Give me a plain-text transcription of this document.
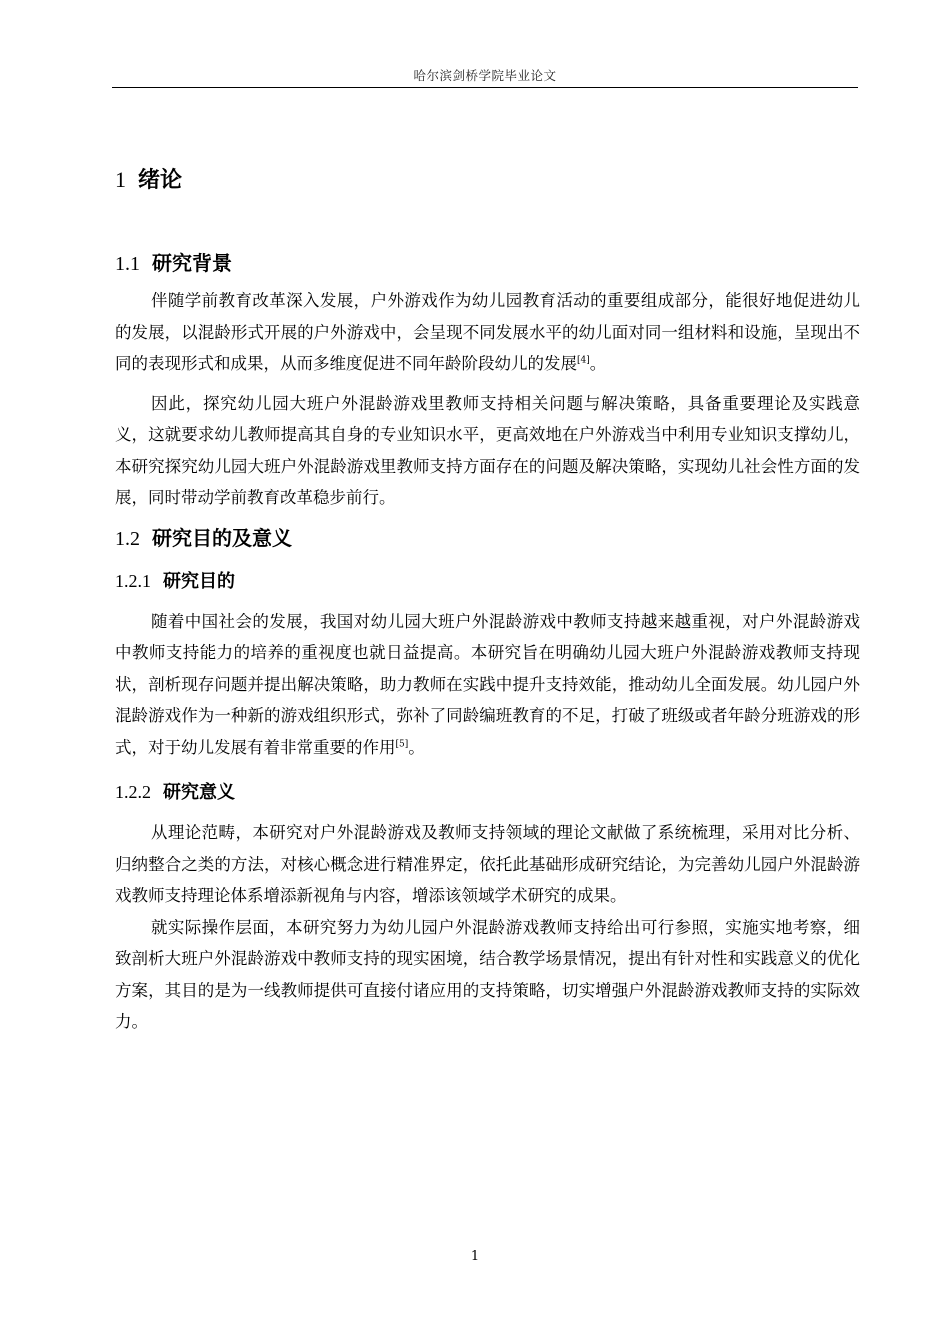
哈尔滨剑桥学院毕业论文
1 绪论
1.1 研究背景

伴随学前教育改革深入发展，户外游戏作为幼儿园教育活动的重要组成部分，能很好地促进幼儿的发展，以混龄形式开展的户外游戏中，会呈现不同发展水平的幼儿面对同一组材料和设施，呈现出不同的表现形式和成果，从而多维度促进不同年龄阶段幼儿的发展[4]。

因此，探究幼儿园大班户外混龄游戏里教师支持相关问题与解决策略，具备重要理论及实践意义，这就要求幼儿教师提高其自身的专业知识水平，更高效地在户外游戏当中利用专业知识支撑幼儿，本研究探究幼儿园大班户外混龄游戏里教师支持方面存在的问题及解决策略，实现幼儿社会性方面的发展，同时带动学前教育改革稳步前行。

1.2 研究目的及意义
1.2.1 研究目的

随着中国社会的发展，我国对幼儿园大班户外混龄游戏中教师支持越来越重视，对户外混龄游戏中教师支持能力的培养的重视度也就日益提高。本研究旨在明确幼儿园大班户外混龄游戏教师支持现状，剖析现存问题并提出解决策略，助力教师在实践中提升支持效能，推动幼儿全面发展。幼儿园户外混龄游戏作为一种新的游戏组织形式，弥补了同龄编班教育的不足，打破了班级或者年龄分班游戏的形式，对于幼儿发展有着非常重要的作用[5]。

1.2.2 研究意义

从理论范畴，本研究对户外混龄游戏及教师支持领域的理论文献做了系统梳理，采用对比分析、归纳整合之类的方法，对核心概念进行精准界定，依托此基础形成研究结论，为完善幼儿园户外混龄游戏教师支持理论体系增添新视角与内容，增添该领域学术研究的成果。

就实际操作层面，本研究努力为幼儿园户外混龄游戏教师支持给出可行参照，实施实地考察，细致剖析大班户外混龄游戏中教师支持的现实困境，结合教学场景情况，提出有针对性和实践意义的优化方案，其目的是为一线教师提供可直接付诸应用的支持策略，切实增强户外混龄游戏教师支持的实际效力。

1
